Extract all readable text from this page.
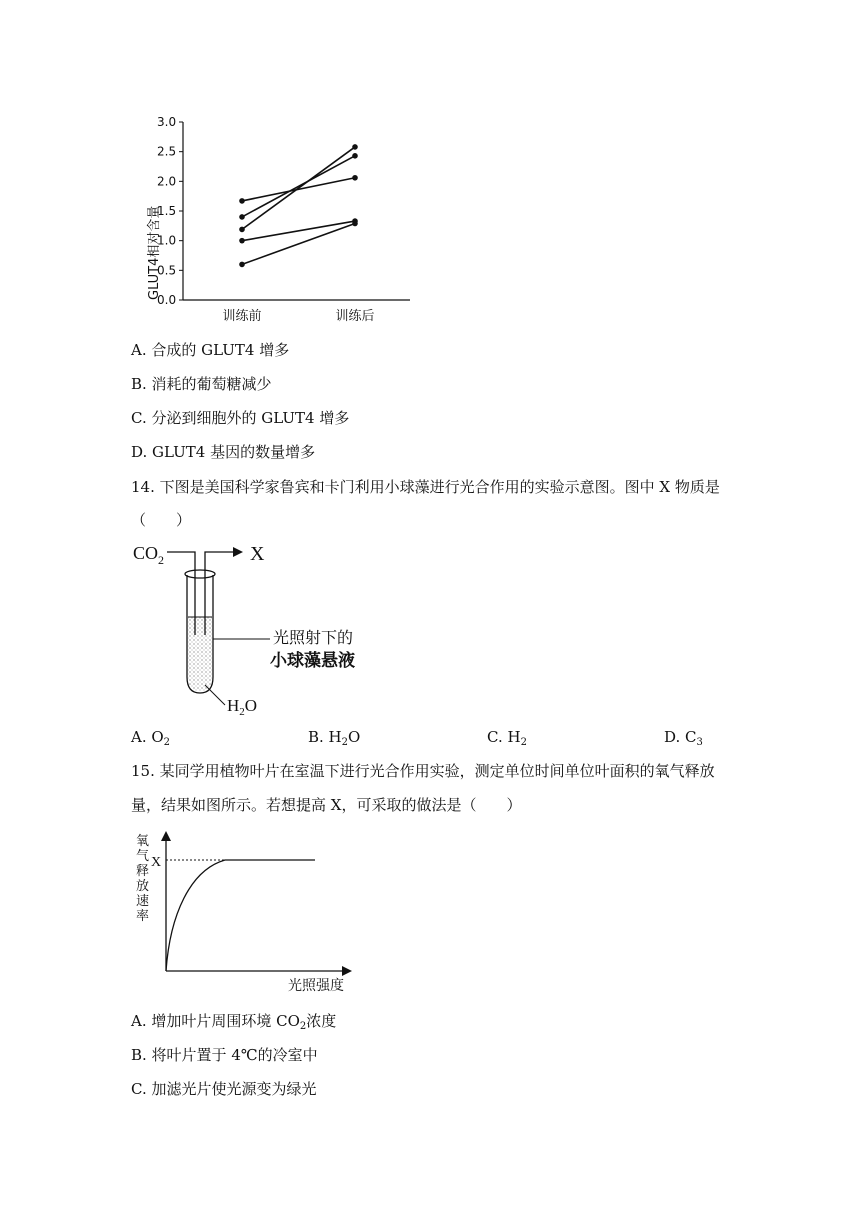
GLUT4相对含量
3.0
2.5
2.0
1.5
1.0
0.5
0.0
训练前	训练后
A. 合成的 GLUT4 增多
B. 消耗的葡萄糖减少
C. 分泌到细胞外的 GLUT4 增多
D. GLUT4 基因的数量增多
14. 下图是美国科学家鲁宾和卡门利用小球藻进行光合作用的实验示意图。图中 X 物质是
（　　）
$CO_2$	X
光照射下的
小球藻悬液
$H_2O$
A. $O_2$	B. $H_2O$	C. $H_2$	D. $C_3$
15. 某同学用植物叶片在室温下进行光合作用实验，测定单位时间单位叶面积的氧气释放
量，结果如图所示。若想提高 X，可采取的做法是（　　）
氧
气
释
放
速
率
X
光照强度
A. 增加叶片周围环境 $CO_2$浓度
B. 将叶片置于 4℃的冷室中
C. 加滤光片使光源变为绿光
